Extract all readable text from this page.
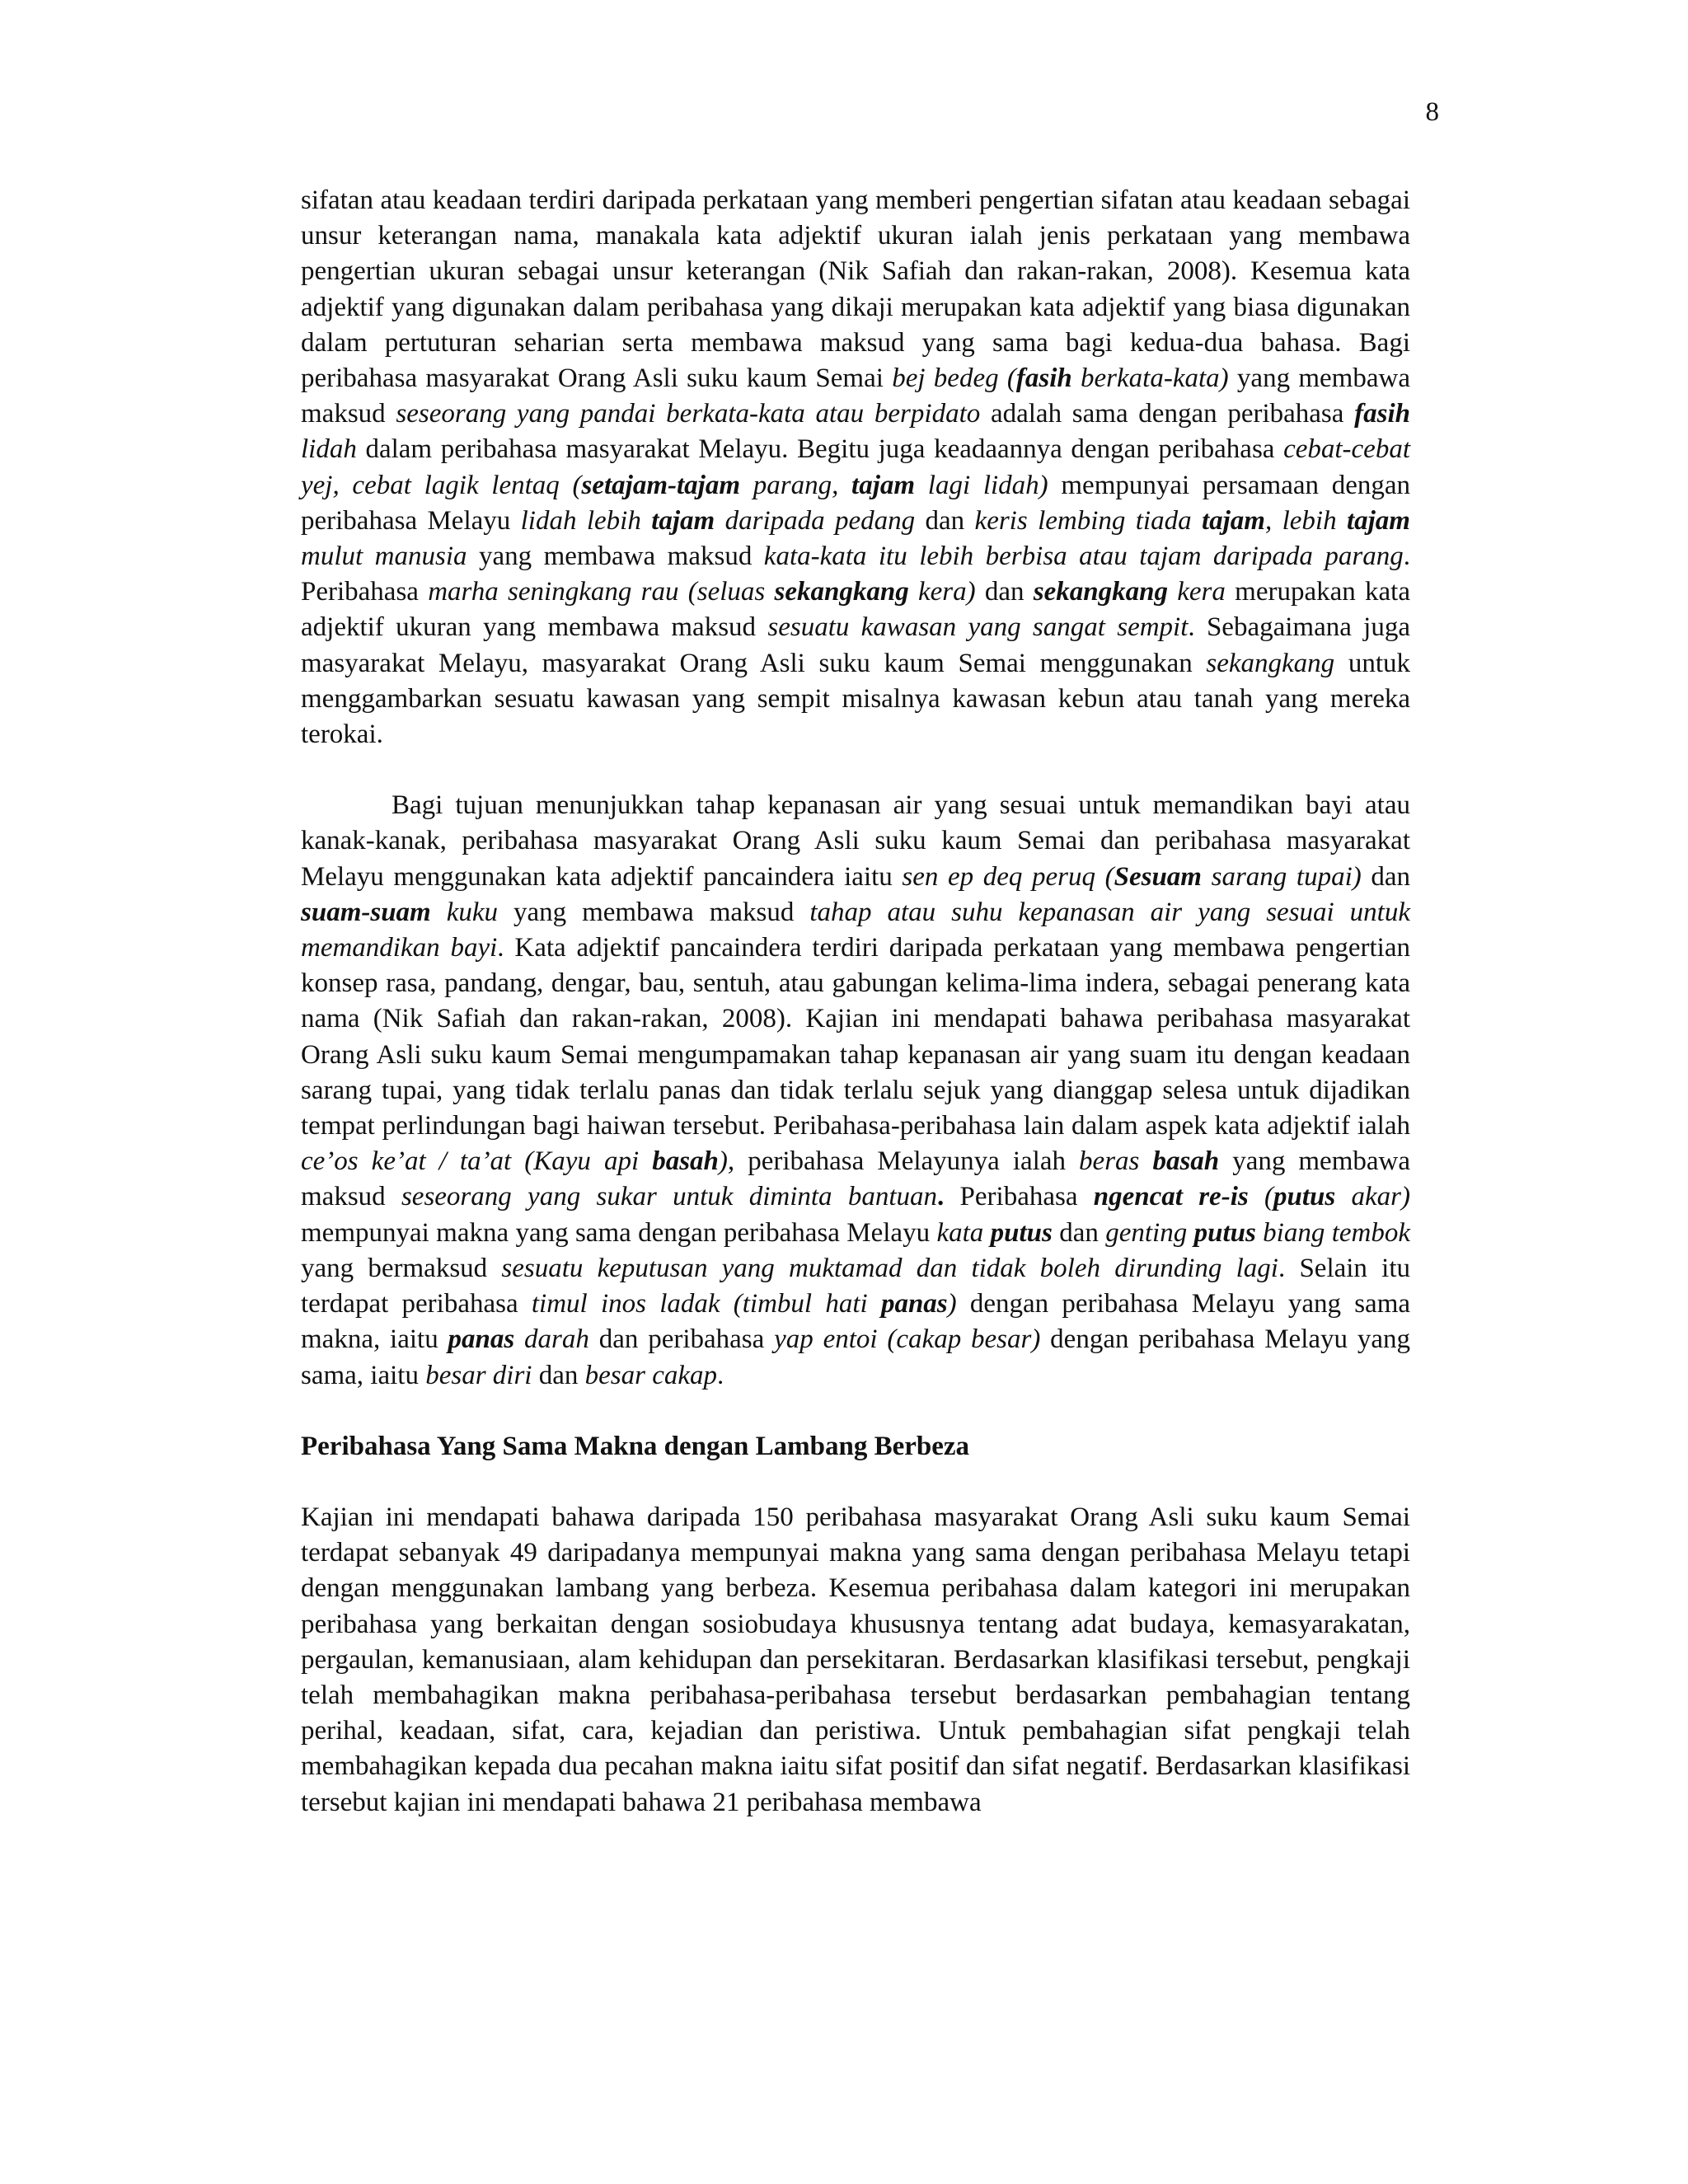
8

sifatan atau keadaan terdiri daripada perkataan yang memberi pengertian sifatan atau keadaan sebagai unsur keterangan nama, manakala kata adjektif ukuran ialah jenis perkataan yang membawa pengertian ukuran sebagai unsur keterangan (Nik Safiah dan rakan-rakan, 2008). Kesemua kata adjektif yang digunakan dalam peribahasa yang dikaji merupakan kata adjektif yang biasa digunakan dalam pertuturan seharian serta membawa maksud yang sama bagi kedua-dua bahasa. Bagi peribahasa masyarakat Orang Asli suku kaum Semai bej bedeg (fasih berkata-kata) yang membawa maksud seseorang yang pandai berkata-kata atau berpidato adalah sama dengan peribahasa fasih lidah dalam peribahasa masyarakat Melayu. Begitu juga keadaannya dengan peribahasa cebat-cebat yej, cebat lagik lentaq (setajam-tajam parang, tajam lagi lidah) mempunyai persamaan dengan peribahasa Melayu lidah lebih tajam daripada pedang dan keris lembing tiada tajam, lebih tajam mulut manusia yang membawa maksud kata-kata itu lebih berbisa atau tajam daripada parang. Peribahasa marha seningkang rau (seluas sekangkang kera) dan sekangkang kera merupakan kata adjektif ukuran yang membawa maksud sesuatu kawasan yang sangat sempit. Sebagaimana juga masyarakat Melayu, masyarakat Orang Asli suku kaum Semai menggunakan sekangkang untuk menggambarkan sesuatu kawasan yang sempit misalnya kawasan kebun atau tanah yang mereka terokai.

Bagi tujuan menunjukkan tahap kepanasan air yang sesuai untuk memandikan bayi atau kanak-kanak, peribahasa masyarakat Orang Asli suku kaum Semai dan peribahasa masyarakat Melayu menggunakan kata adjektif pancaindera iaitu sen ep deq peruq (Sesuam sarang tupai) dan suam-suam kuku yang membawa maksud tahap atau suhu kepanasan air yang sesuai untuk memandikan bayi. Kata adjektif pancaindera terdiri daripada perkataan yang membawa pengertian konsep rasa, pandang, dengar, bau, sentuh, atau gabungan kelima-lima indera, sebagai penerang kata nama (Nik Safiah dan rakan-rakan, 2008). Kajian ini mendapati bahawa peribahasa masyarakat Orang Asli suku kaum Semai mengumpamakan tahap kepanasan air yang suam itu dengan keadaan sarang tupai, yang tidak terlalu panas dan tidak terlalu sejuk yang dianggap selesa untuk dijadikan tempat perlindungan bagi haiwan tersebut. Peribahasa-peribahasa lain dalam aspek kata adjektif ialah ce’os ke’at / ta’at (Kayu api basah), peribahasa Melayunya ialah beras basah yang membawa maksud seseorang yang sukar untuk diminta bantuan. Peribahasa ngencat re-is (putus akar) mempunyai makna yang sama dengan peribahasa Melayu kata putus dan genting putus biang tembok yang bermaksud sesuatu keputusan yang muktamad dan tidak boleh dirunding lagi. Selain itu terdapat peribahasa timul inos ladak (timbul hati panas) dengan peribahasa Melayu yang sama makna, iaitu panas darah dan peribahasa yap entoi (cakap besar) dengan peribahasa Melayu yang sama, iaitu besar diri dan besar cakap.

Peribahasa Yang Sama Makna dengan Lambang Berbeza

Kajian ini mendapati bahawa daripada 150 peribahasa masyarakat Orang Asli suku kaum Semai terdapat sebanyak 49 daripadanya mempunyai makna yang sama dengan peribahasa Melayu tetapi dengan menggunakan lambang yang berbeza. Kesemua peribahasa dalam kategori ini merupakan peribahasa yang berkaitan dengan sosiobudaya khususnya tentang adat budaya, kemasyarakatan, pergaulan, kemanusiaan, alam kehidupan dan persekitaran. Berdasarkan klasifikasi tersebut, pengkaji telah membahagikan makna peribahasa-peribahasa tersebut berdasarkan pembahagian tentang perihal, keadaan, sifat, cara, kejadian dan peristiwa. Untuk pembahagian sifat pengkaji telah membahagikan kepada dua pecahan makna iaitu sifat positif dan sifat negatif. Berdasarkan klasifikasi tersebut kajian ini mendapati bahawa 21 peribahasa membawa
